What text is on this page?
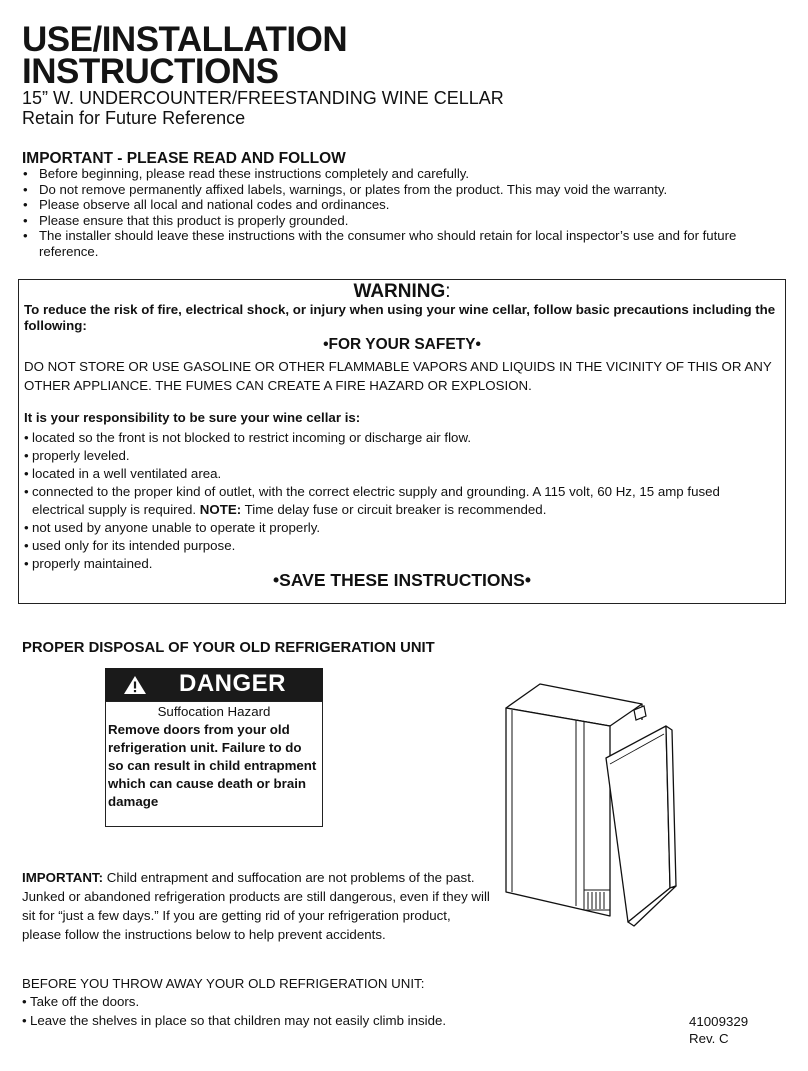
USE/INSTALLATION
INSTRUCTIONS
15” W. UNDERCOUNTER/FREESTANDING WINE CELLAR
Retain for Future Reference
IMPORTANT - PLEASE READ AND FOLLOW
• Before beginning, please read these instructions completely and carefully.
• Do not remove permanently affixed labels, warnings, or plates from the product. This may void the warranty.
• Please observe all local and national codes and ordinances.
• Please ensure that this product is properly grounded.
• The installer should leave these instructions with the consumer who should retain for local inspector’s use and for future reference.
WARNING:
To reduce the risk of fire, electrical shock, or injury when using your wine cellar, follow basic precautions including the following:
•FOR YOUR SAFETY•
DO NOT STORE OR USE GASOLINE OR OTHER FLAMMABLE VAPORS AND LIQUIDS IN THE VICINITY OF THIS OR ANY OTHER APPLIANCE. THE FUMES CAN CREATE A FIRE HAZARD OR EXPLOSION.
It is your responsibility to be sure your wine cellar is:
• located so the front is not blocked to restrict incoming or discharge air flow.
• properly leveled.
• located in a well ventilated area.
• connected to the proper kind of outlet, with the correct electric supply and grounding. A 115 volt, 60 Hz, 15 amp fused electrical supply is required. NOTE: Time delay fuse or circuit breaker is recommended.
• not used by anyone unable to operate it properly.
• used only for its intended purpose.
• properly maintained.
•SAVE THESE INSTRUCTIONS•
PROPER DISPOSAL OF YOUR OLD REFRIGERATION UNIT
DANGER
Suffocation Hazard
Remove doors from your old refrigeration unit. Failure to do so can result in child entrapment which can cause death or brain damage
IMPORTANT: Child entrapment and suffocation are not problems of the past. Junked or abandoned refrigeration products are still dangerous, even if they will sit for “just a few days.” If you are getting rid of your refrigeration product, please follow the instructions below to help prevent accidents.
BEFORE YOU THROW AWAY YOUR OLD REFRIGERATION UNIT:
• Take off the doors.
• Leave the shelves in place so that children may not easily climb inside.	41009329
Rev. C
